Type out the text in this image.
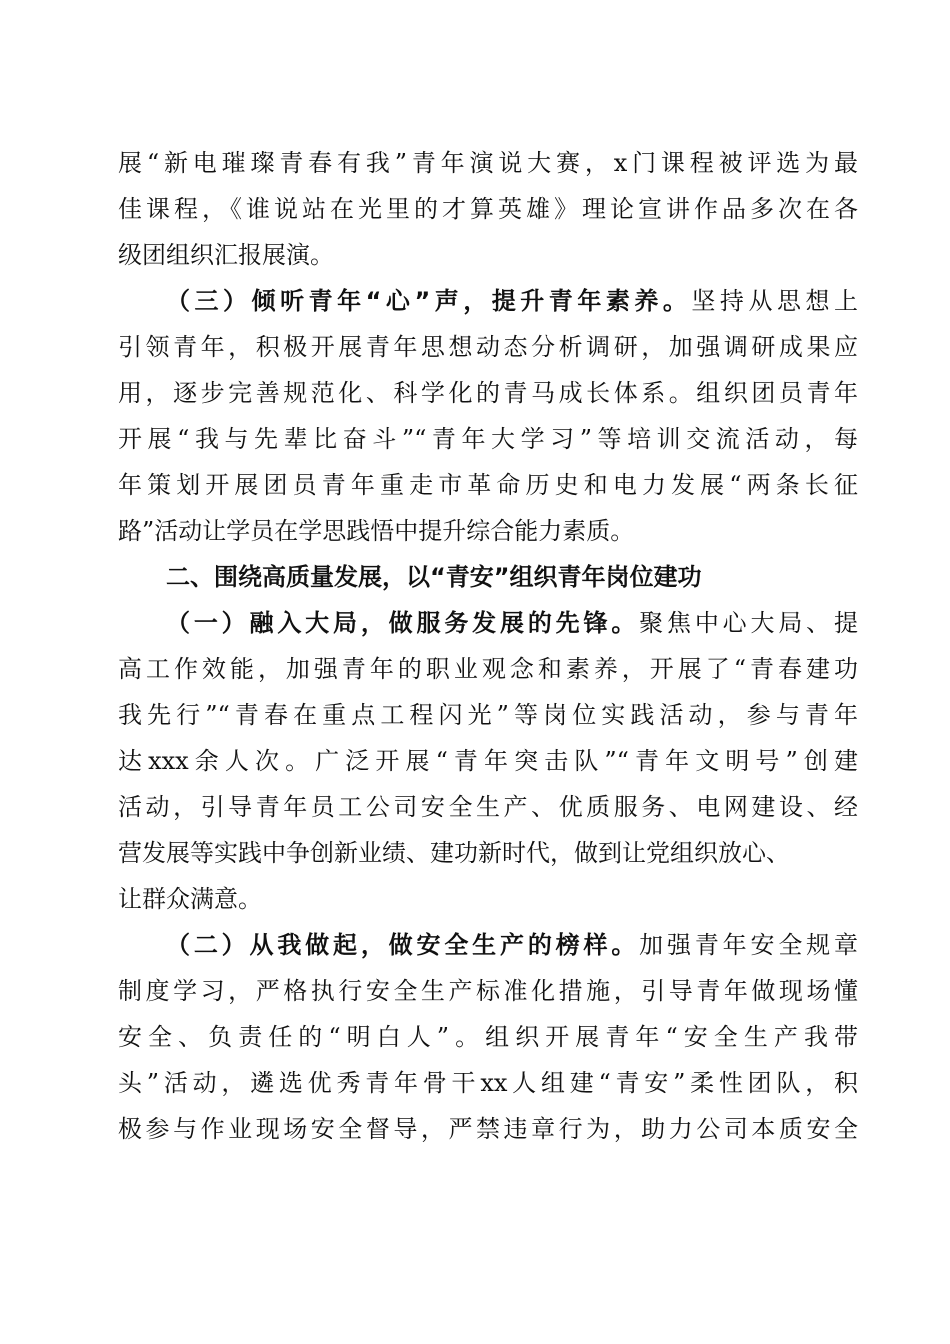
展“新电璀璨青春有我”青年演说大赛，x门课程被评选为最
佳课程，《谁说站在光里的才算英雄》理论宣讲作品多次在各
级团组织汇报展演。
（三）倾听青年“心”声，提升青年素养。坚持从思想上
引领青年，积极开展青年思想动态分析调研，加强调研成果应
用，逐步完善规范化、科学化的青马成长体系。组织团员青年
开展“我与先辈比奋斗”“青年大学习”等培训交流活动，每
年策划开展团员青年重走市革命历史和电力发展“两条长征
路”活动让学员在学思践悟中提升综合能力素质。
二、围绕高质量发展，以“青安”组织青年岗位建功
（一）融入大局，做服务发展的先锋。聚焦中心大局、提
高工作效能，加强青年的职业观念和素养，开展了“青春建功
我先行”“青春在重点工程闪光”等岗位实践活动，参与青年
达xxx余人次。广泛开展“青年突击队”“青年文明号”创建
活动，引导青年员工公司安全生产、优质服务、电网建设、经
营发展等实践中争创新业绩、建功新时代，做到让党组织放心、
让群众满意。
（二）从我做起，做安全生产的榜样。加强青年安全规章
制度学习，严格执行安全生产标准化措施，引导青年做现场懂
安全、负责任的“明白人”。组织开展青年“安全生产我带
头”活动，遴选优秀青年骨干xx人组建“青安”柔性团队，积
极参与作业现场安全督导，严禁违章行为，助力公司本质安全
